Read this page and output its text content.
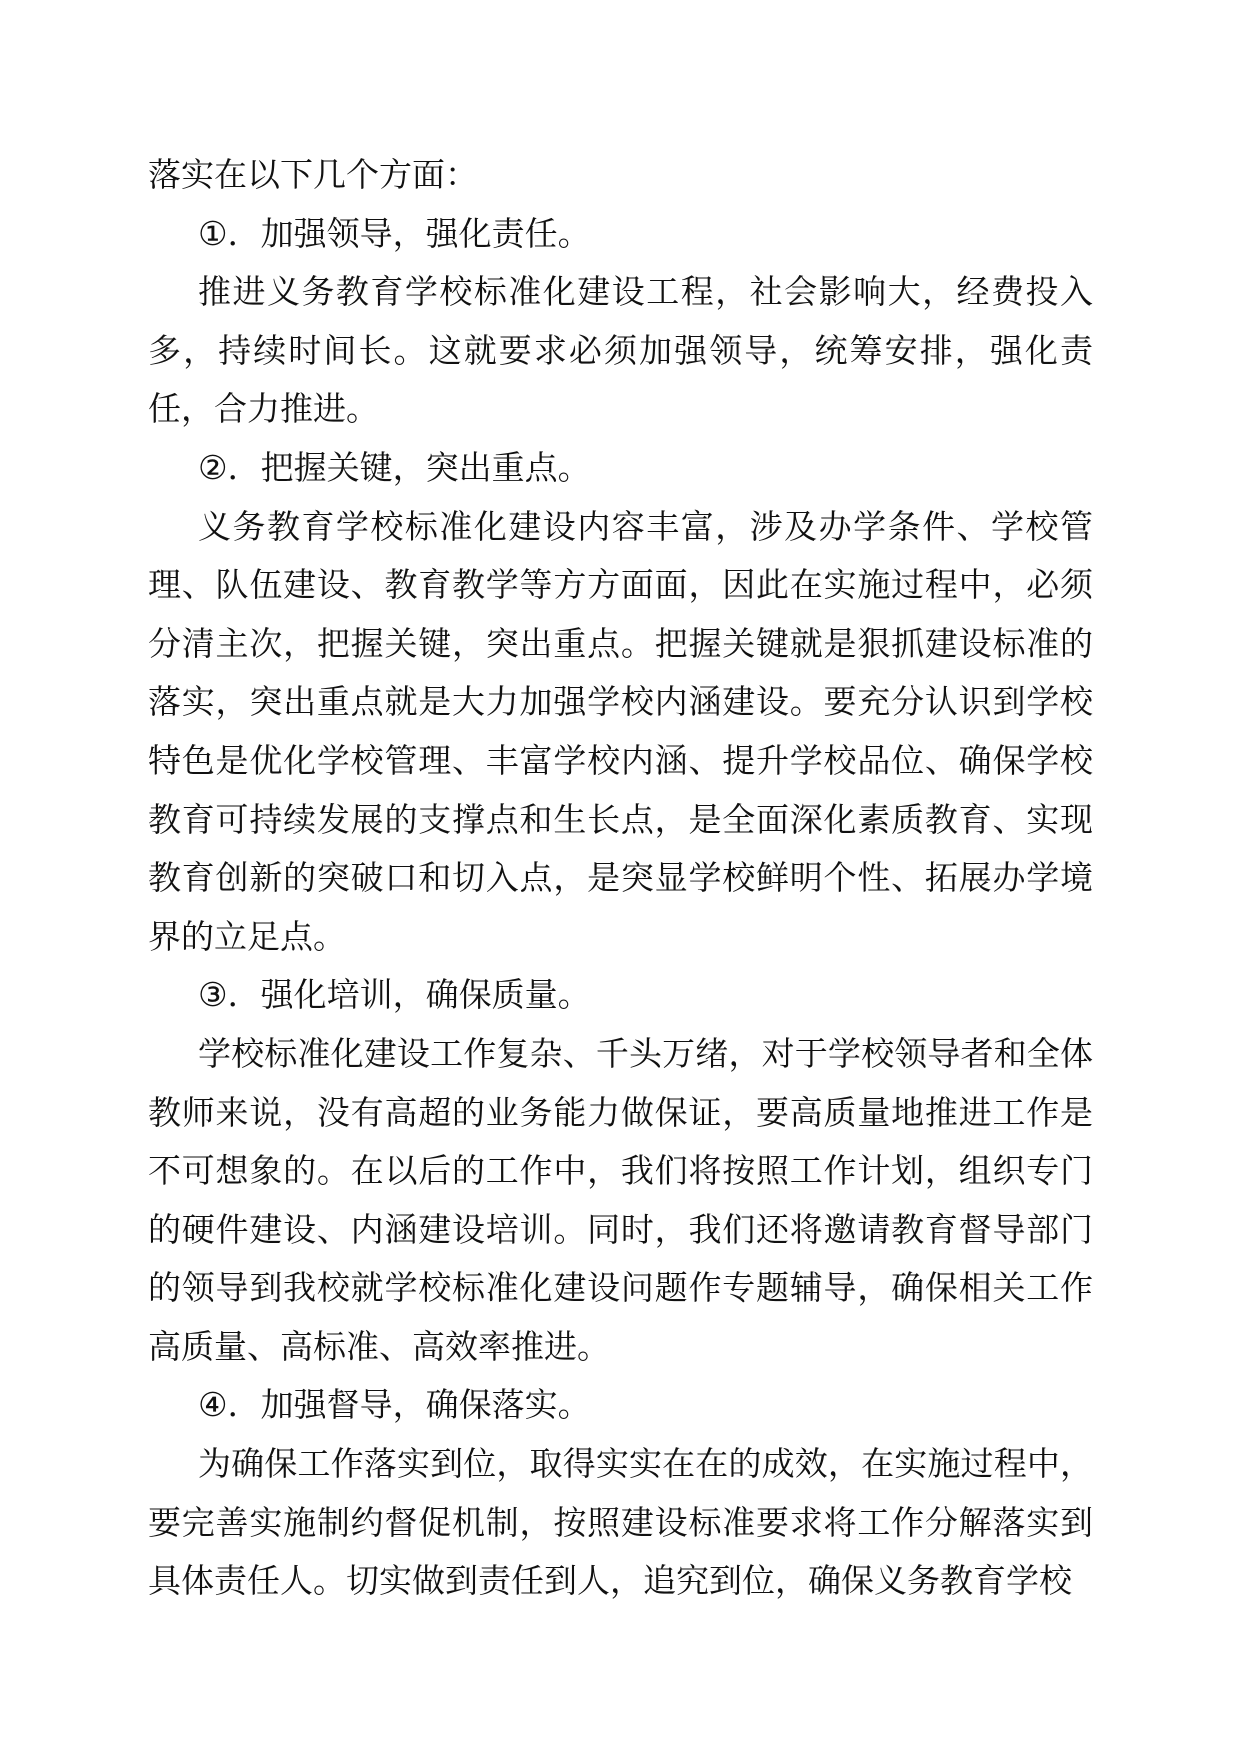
落实在以下几个方面：

①．加强领导，强化责任。

推进义务教育学校标准化建设工程，社会影响大，经费投入多，持续时间长。这就要求必须加强领导，统筹安排，强化责任，合力推进。

②．把握关键，突出重点。

义务教育学校标准化建设内容丰富，涉及办学条件、学校管理、队伍建设、教育教学等方方面面，因此在实施过程中，必须分清主次，把握关键，突出重点。把握关键就是狠抓建设标准的落实，突出重点就是大力加强学校内涵建设。要充分认识到学校特色是优化学校管理、丰富学校内涵、提升学校品位、确保学校教育可持续发展的支撑点和生长点，是全面深化素质教育、实现教育创新的突破口和切入点，是突显学校鲜明个性、拓展办学境界的立足点。

③．强化培训，确保质量。

学校标准化建设工作复杂、千头万绪，对于学校领导者和全体教师来说，没有高超的业务能力做保证，要高质量地推进工作是不可想象的。在以后的工作中，我们将按照工作计划，组织专门的硬件建设、内涵建设培训。同时，我们还将邀请教育督导部门的领导到我校就学校标准化建设问题作专题辅导，确保相关工作高质量、高标准、高效率推进。

④．加强督导，确保落实。

为确保工作落实到位，取得实实在在的成效，在实施过程中，要完善实施制约督促机制，按照建设标准要求将工作分解落实到具体责任人。切实做到责任到人，追究到位，确保义务教育学校
